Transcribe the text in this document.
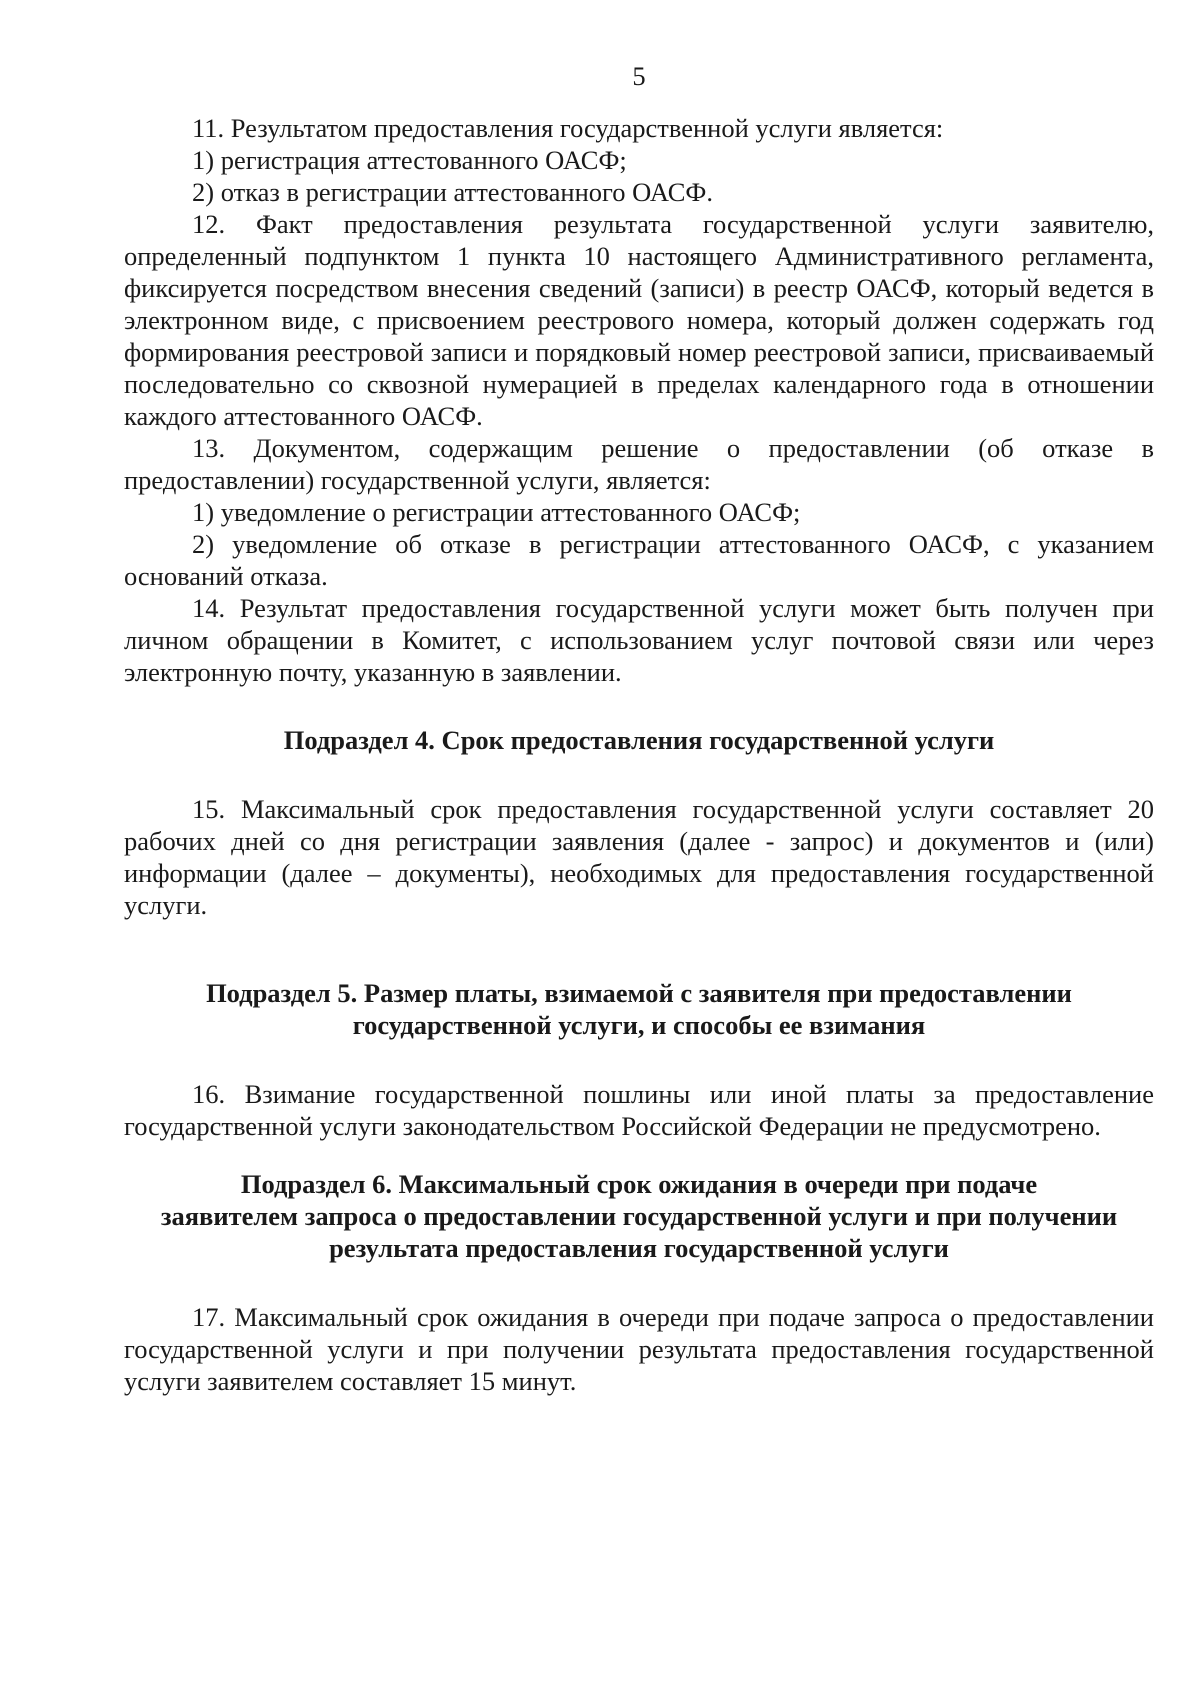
5

11. Результатом предоставления государственной услуги является:

1) регистрация аттестованного ОАСФ;

2) отказ в регистрации аттестованного ОАСФ.

12. Факт предоставления результата государственной услуги заявителю, определенный подпунктом 1 пункта 10 настоящего Административного регламента, фиксируется посредством внесения сведений (записи) в реестр ОАСФ, который ведется в электронном виде, с присвоением реестрового номера, который должен содержать год формирования реестровой записи и порядковый номер реестровой записи, присваиваемый последовательно со сквозной нумерацией в пределах календарного года в отношении каждого аттестованного ОАСФ.

13. Документом, содержащим решение о предоставлении (об отказе в предоставлении) государственной услуги, является:

1) уведомление о регистрации аттестованного ОАСФ;

2) уведомление об отказе в регистрации аттестованного ОАСФ, с указанием оснований отказа.

14. Результат предоставления государственной услуги может быть получен при личном обращении в Комитет, с использованием услуг почтовой связи или через электронную почту, указанную в заявлении.

Подраздел 4. Срок предоставления государственной услуги

15. Максимальный срок предоставления государственной услуги составляет 20 рабочих дней со дня регистрации заявления (далее - запрос) и документов и (или) информации (далее – документы), необходимых для предоставления государственной услуги.

Подраздел 5. Размер платы, взимаемой с заявителя при предоставлении
государственной услуги, и способы ее взимания

16. Взимание государственной пошлины или иной платы за предоставление государственной услуги законодательством Российской Федерации не предусмотрено.

Подраздел 6. Максимальный срок ожидания в очереди при подаче
заявителем запроса о предоставлении государственной услуги и при получении
результата предоставления государственной услуги

17. Максимальный срок ожидания в очереди при подаче запроса о предоставлении государственной услуги и при получении результата предоставления государственной услуги заявителем составляет 15 минут.
